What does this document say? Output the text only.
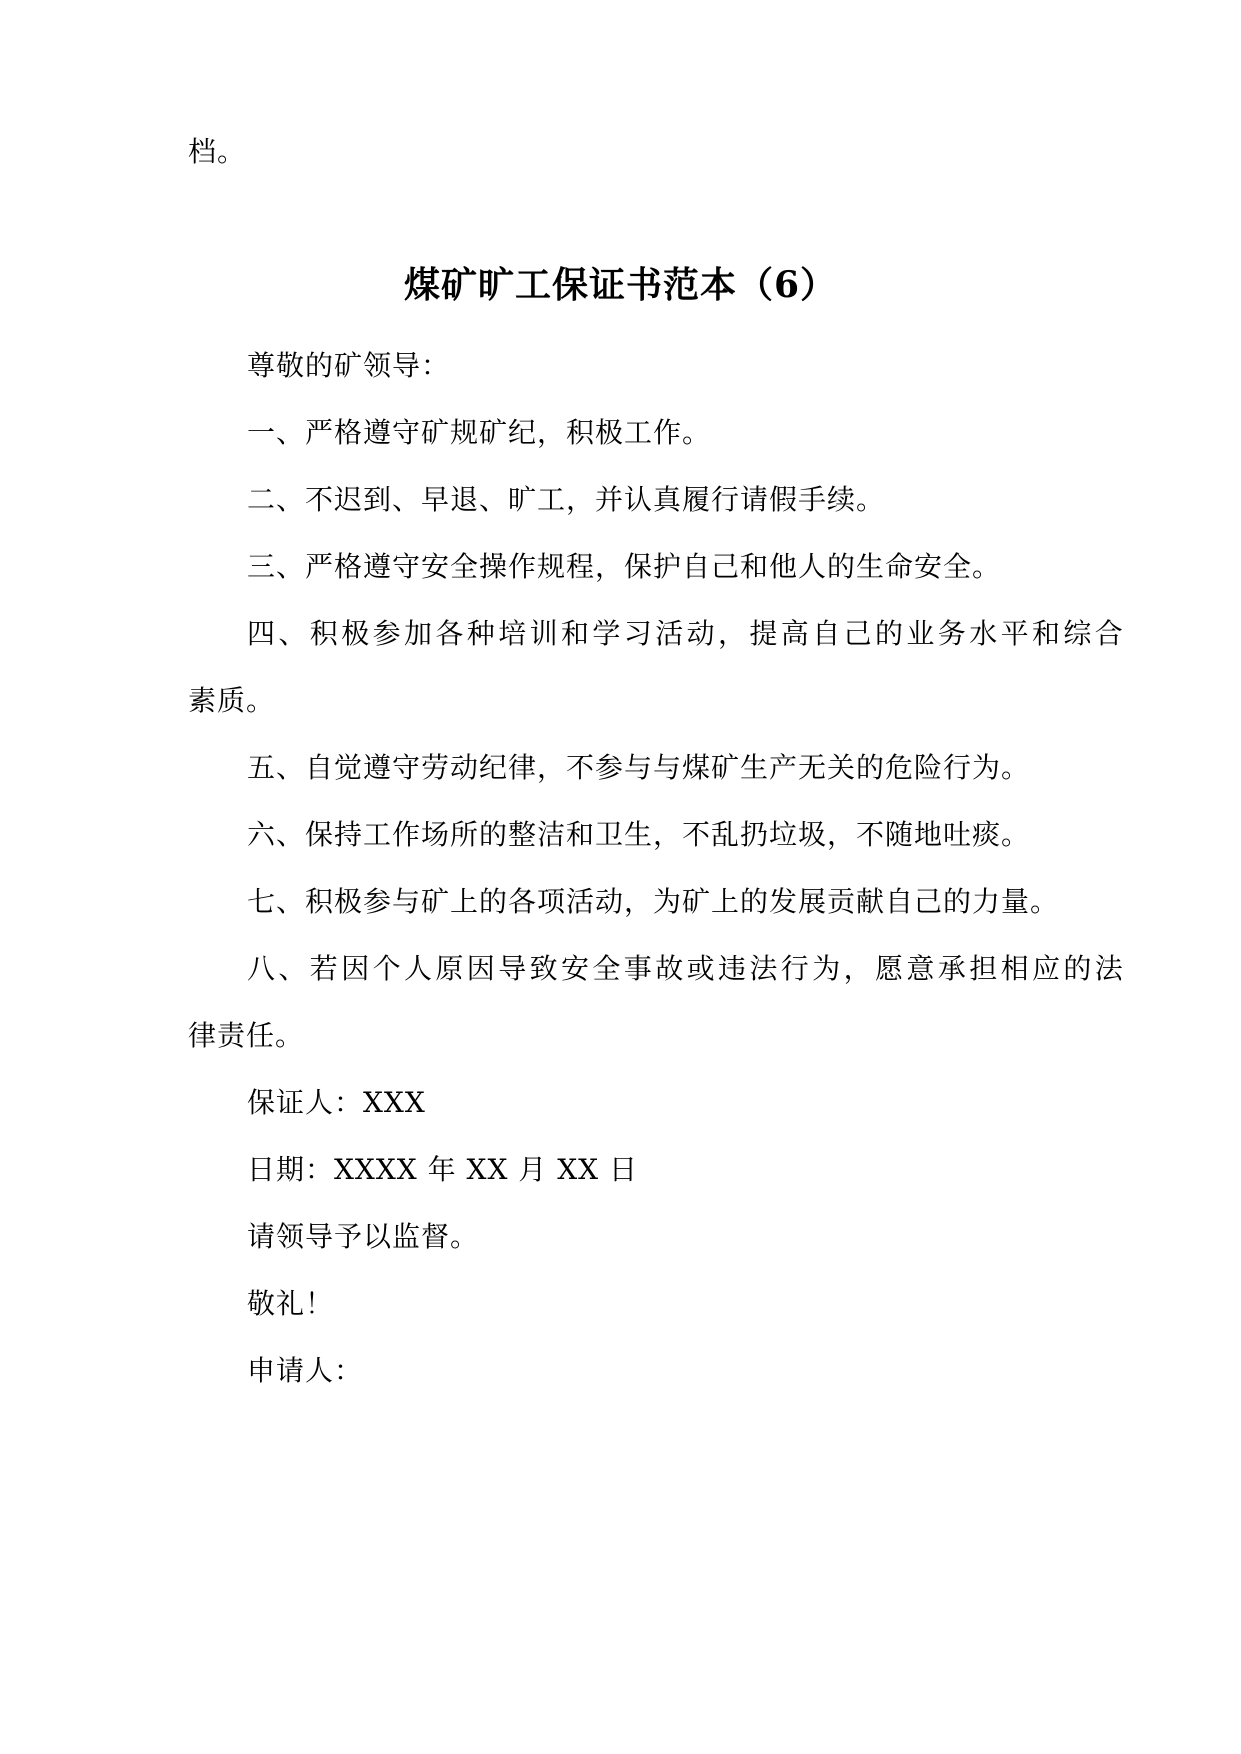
档。
煤矿旷工保证书范本（6）
尊敬的矿领导：
一、严格遵守矿规矿纪，积极工作。
二、不迟到、早退、旷工，并认真履行请假手续。
三、严格遵守安全操作规程，保护自己和他人的生命安全。
四、积极参加各种培训和学习活动，提高自己的业务水平和综合
素质。
五、自觉遵守劳动纪律，不参与与煤矿生产无关的危险行为。
六、保持工作场所的整洁和卫生，不乱扔垃圾，不随地吐痰。
七、积极参与矿上的各项活动，为矿上的发展贡献自己的力量。
八、若因个人原因导致安全事故或违法行为，愿意承担相应的法
律责任。
保证人：XXX
日期：XXXX 年 XX 月 XX 日
请领导予以监督。
敬礼！
申请人：
